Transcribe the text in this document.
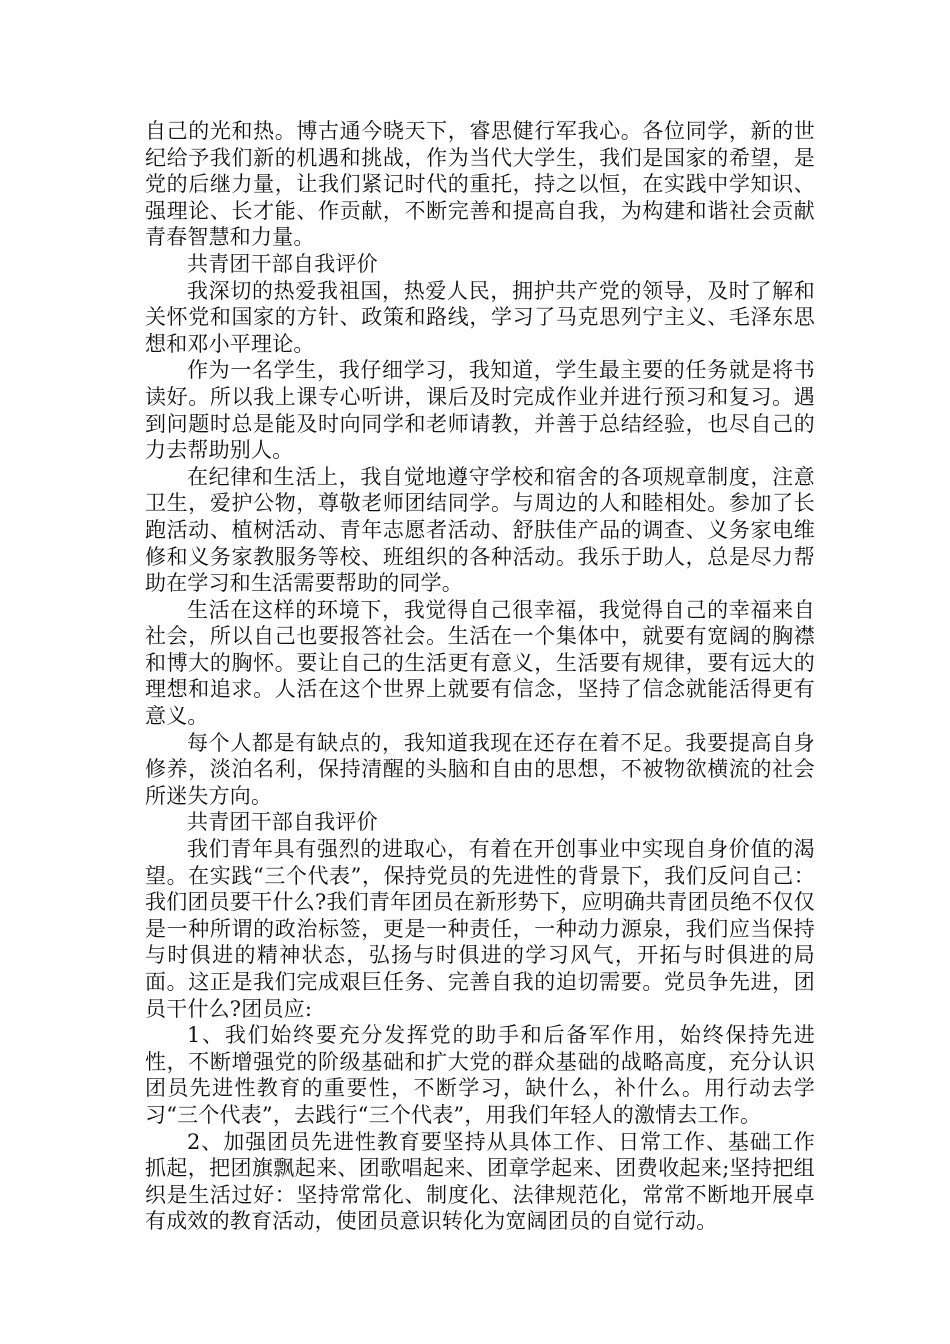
自己的光和热。博古通今晓天下，睿思健行军我心。各位同学，新的世纪给予我们新的机遇和挑战，作为当代大学生，我们是国家的希望，是党的后继力量，让我们紧记时代的重托，持之以恒，在实践中学知识、强理论、长才能、作贡献，不断完善和提高自我，为构建和谐社会贡献青春智慧和力量。

共青团干部自我评价

我深切的热爱我祖国，热爱人民，拥护共产党的领导，及时了解和关怀党和国家的方针、政策和路线，学习了马克思列宁主义、毛泽东思想和邓小平理论。

作为一名学生，我仔细学习，我知道，学生最主要的任务就是将书读好。所以我上课专心听讲，课后及时完成作业并进行预习和复习。遇到问题时总是能及时向同学和老师请教，并善于总结经验，也尽自己的力去帮助别人。

在纪律和生活上，我自觉地遵守学校和宿舍的各项规章制度，注意卫生，爱护公物，尊敬老师团结同学。与周边的人和睦相处。参加了长跑活动、植树活动、青年志愿者活动、舒肤佳产品的调查、义务家电维修和义务家教服务等校、班组织的各种活动。我乐于助人，总是尽力帮助在学习和生活需要帮助的同学。

生活在这样的环境下，我觉得自己很幸福，我觉得自己的幸福来自社会，所以自己也要报答社会。生活在一个集体中，就要有宽阔的胸襟和博大的胸怀。要让自己的生活更有意义，生活要有规律，要有远大的理想和追求。人活在这个世界上就要有信念，坚持了信念就能活得更有意义。

每个人都是有缺点的，我知道我现在还存在着不足。我要提高自身修养，淡泊名利，保持清醒的头脑和自由的思想，不被物欲横流的社会所迷失方向。

共青团干部自我评价

我们青年具有强烈的进取心，有着在开创事业中实现自身价值的渴望。在实践“三个代表”，保持党员的先进性的背景下，我们反问自己：我们团员要干什么?我们青年团员在新形势下，应明确共青团员绝不仅仅是一种所谓的政治标签，更是一种责任，一种动力源泉，我们应当保持与时俱进的精神状态，弘扬与时俱进的学习风气，开拓与时俱进的局面。这正是我们完成艰巨任务、完善自我的迫切需要。党员争先进，团员干什么?团员应:

1、我们始终要充分发挥党的助手和后备军作用，始终保持先进性，不断增强党的阶级基础和扩大党的群众基础的战略高度，充分认识团员先进性教育的重要性，不断学习，缺什么，补什么。用行动去学习“三个代表”，去践行“三个代表”，用我们年轻人的激情去工作。

2、加强团员先进性教育要坚持从具体工作、日常工作、基础工作抓起，把团旗飘起来、团歌唱起来、团章学起来、团费收起来;坚持把组织是生活过好：坚持常常化、制度化、法律规范化，常常不断地开展卓有成效的教育活动，使团员意识转化为宽阔团员的自觉行动。
